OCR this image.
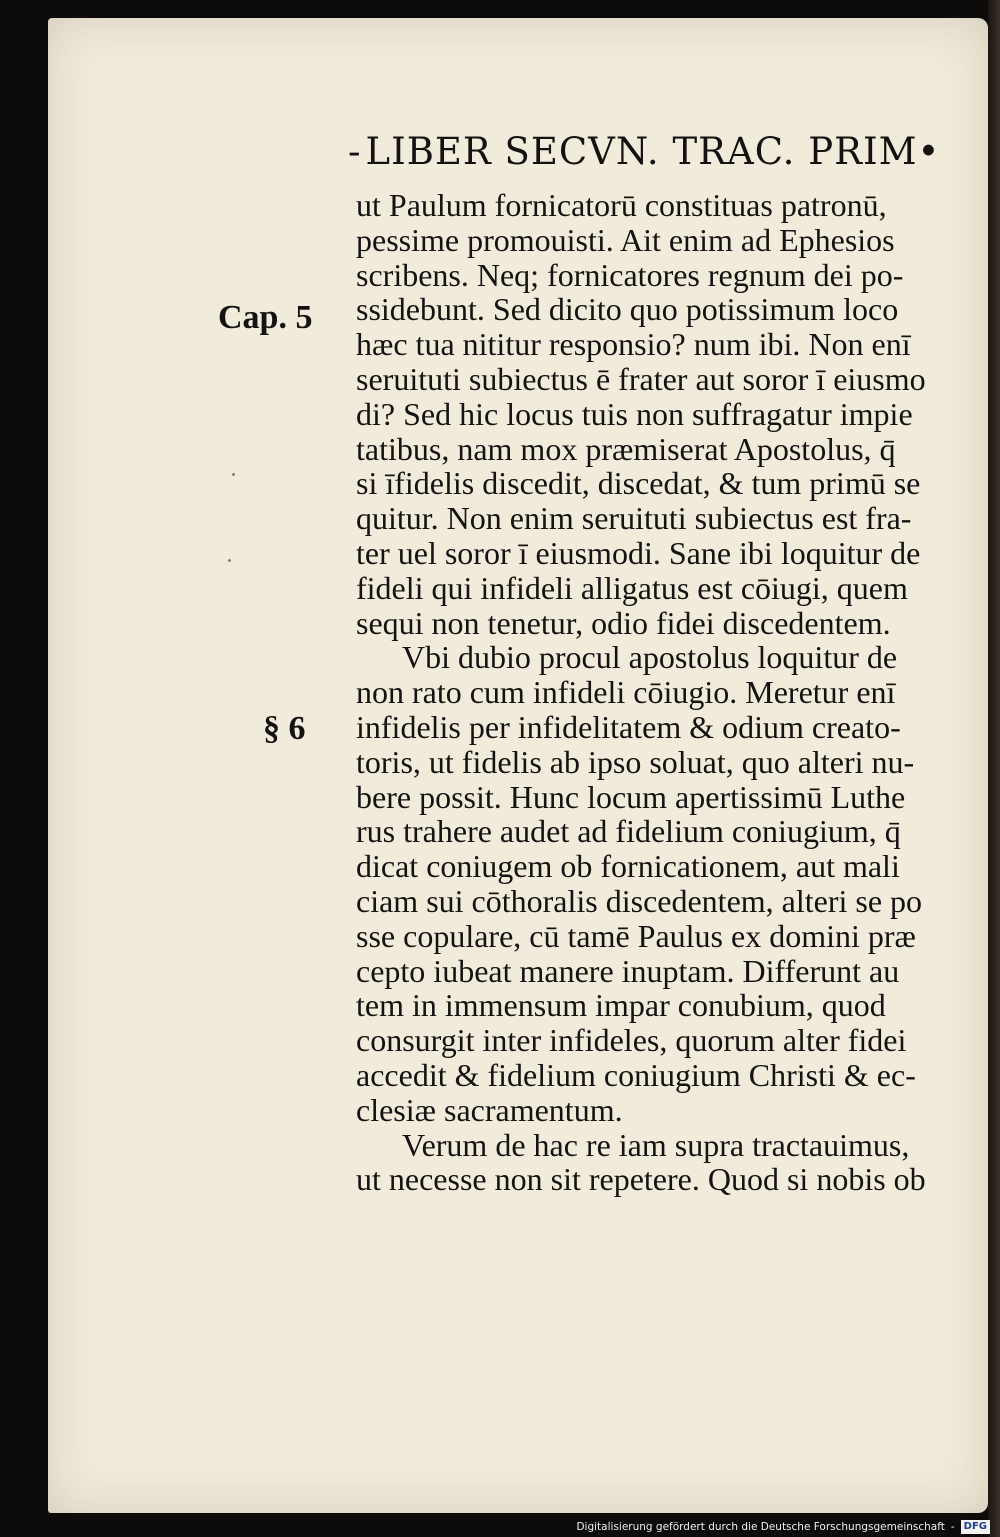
- LIBER SECVN. TRAC. PRIM•
Cap. 5
§ 6
ut Paulum fornicatorū constituas patronū,
pessime promouisti. Ait enim ad Ephesios
scribens. Neq; fornicatores regnum dei po-
ssidebunt. Sed dicito quo potissimum loco
hæc tua nititur responsio? num ibi. Non enī
seruituti subiectus ē frater aut soror ī eiusmo
di? Sed hic locus tuis non suffragatur impie
tatibus, nam mox præmiserat Apostolus, q̄
si īfidelis discedit, discedat, & tum primū se
quitur. Non enim seruituti subiectus est fra-
ter uel soror ī eiusmodi. Sane ibi loquitur de
fideli qui infideli alligatus est cōiugi, quem
sequi non tenetur, odio fidei discedentem.
Vbi dubio procul apostolus loquitur de
non rato cum infideli cōiugio. Meretur enī
infidelis per infidelitatem & odium creato-
toris, ut fidelis ab ipso soluat, quo alteri nu-
bere possit. Hunc locum apertissimū Luthe
rus trahere audet ad fidelium coniugium, q̄
dicat coniugem ob fornicationem, aut mali
ciam sui cōthoralis discedentem, alteri se po
sse copulare, cū tamē Paulus ex domini præ
cepto iubeat manere inuptam. Differunt au
tem in immensum impar conubium, quod
consurgit inter infideles, quorum alter fidei
accedit & fidelium coniugium Christi & ec-
clesiæ sacramentum.
Verum de hac re iam supra tractauimus,
ut necesse non sit repetere. Quod si nobis ob
Digitalisierung gefördert durch die Deutsche Forschungsgemeinschaft - DFG
